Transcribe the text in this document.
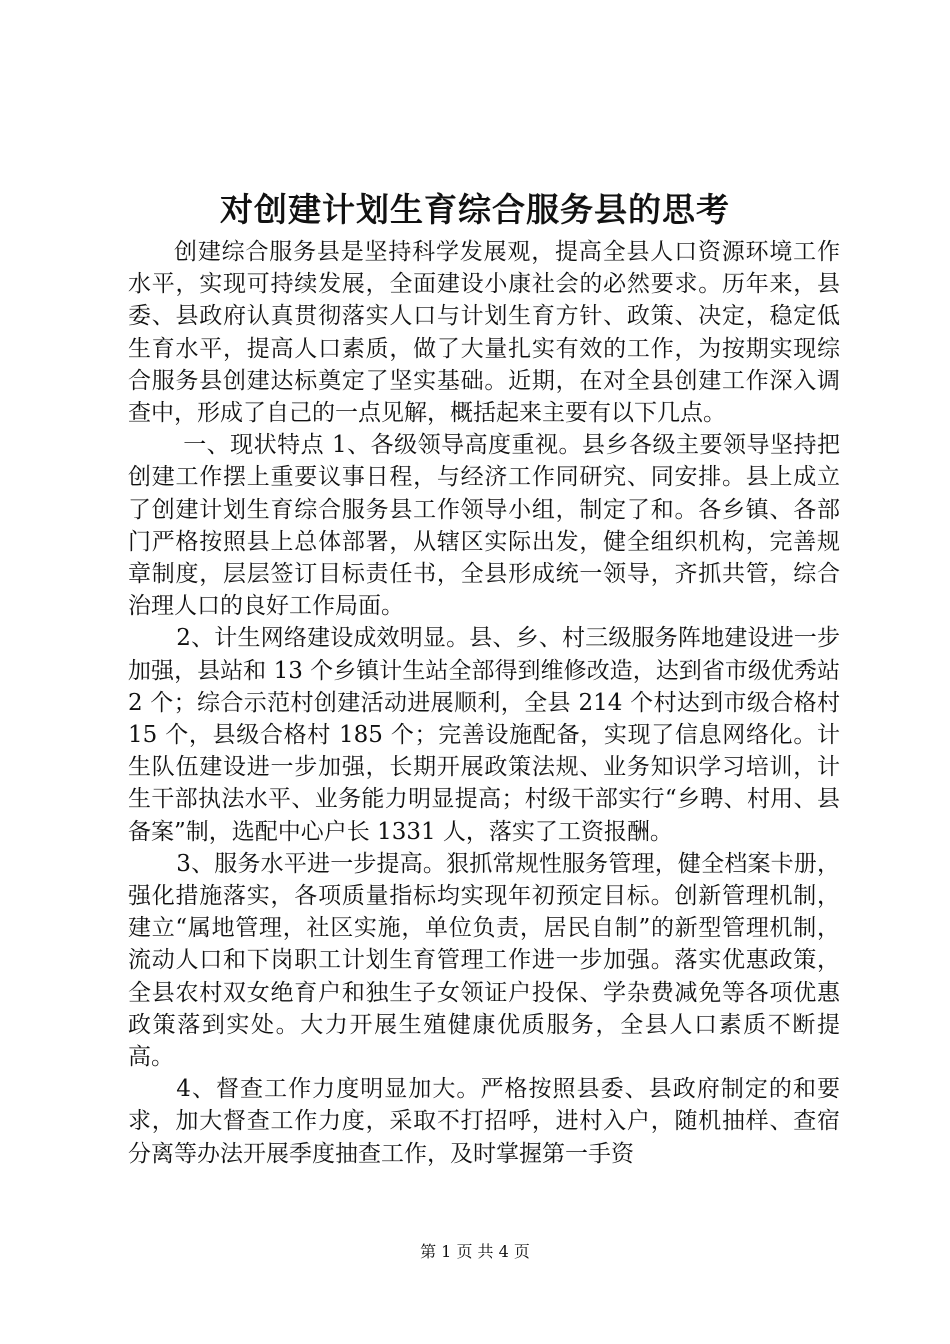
对创建计划生育综合服务县的思考

创建综合服务县是坚持科学发展观，提高全县人口资源环境工作水平，实现可持续发展，全面建设小康社会的必然要求。历年来，县委、县政府认真贯彻落实人口与计划生育方针、政策、决定，稳定低生育水平，提高人口素质，做了大量扎实有效的工作，为按期实现综合服务县创建达标奠定了坚实基础。近期，在对全县创建工作深入调查中，形成了自己的一点见解，概括起来主要有以下几点。

一、现状特点 1、各级领导高度重视。县乡各级主要领导坚持把创建工作摆上重要议事日程，与经济工作同研究、同安排。县上成立了创建计划生育综合服务县工作领导小组，制定了和。各乡镇、各部门严格按照县上总体部署，从辖区实际出发，健全组织机构，完善规章制度，层层签订目标责任书，全县形成统一领导，齐抓共管，综合治理人口的良好工作局面。

2、计生网络建设成效明显。县、乡、村三级服务阵地建设进一步加强，县站和 13 个乡镇计生站全部得到维修改造，达到省市级优秀站 2 个；综合示范村创建活动进展顺利，全县 214 个村达到市级合格村 15 个，县级合格村 185 个；完善设施配备，实现了信息网络化。计生队伍建设进一步加强，长期开展政策法规、业务知识学习培训，计生干部执法水平、业务能力明显提高；村级干部实行“乡聘、村用、县备案”制，选配中心户长 1331 人，落实了工资报酬。

3、服务水平进一步提高。狠抓常规性服务管理，健全档案卡册，强化措施落实，各项质量指标均实现年初预定目标。创新管理机制，建立“属地管理，社区实施，单位负责，居民自制”的新型管理机制，流动人口和下岗职工计划生育管理工作进一步加强。落实优惠政策，全县农村双女绝育户和独生子女领证户投保、学杂费减免等各项优惠政策落到实处。大力开展生殖健康优质服务，全县人口素质不断提高。

4、督查工作力度明显加大。严格按照县委、县政府制定的和要求，加大督查工作力度，采取不打招呼，进村入户，随机抽样、查宿分离等办法开展季度抽查工作，及时掌握第一手资

第 1 页 共 4 页
